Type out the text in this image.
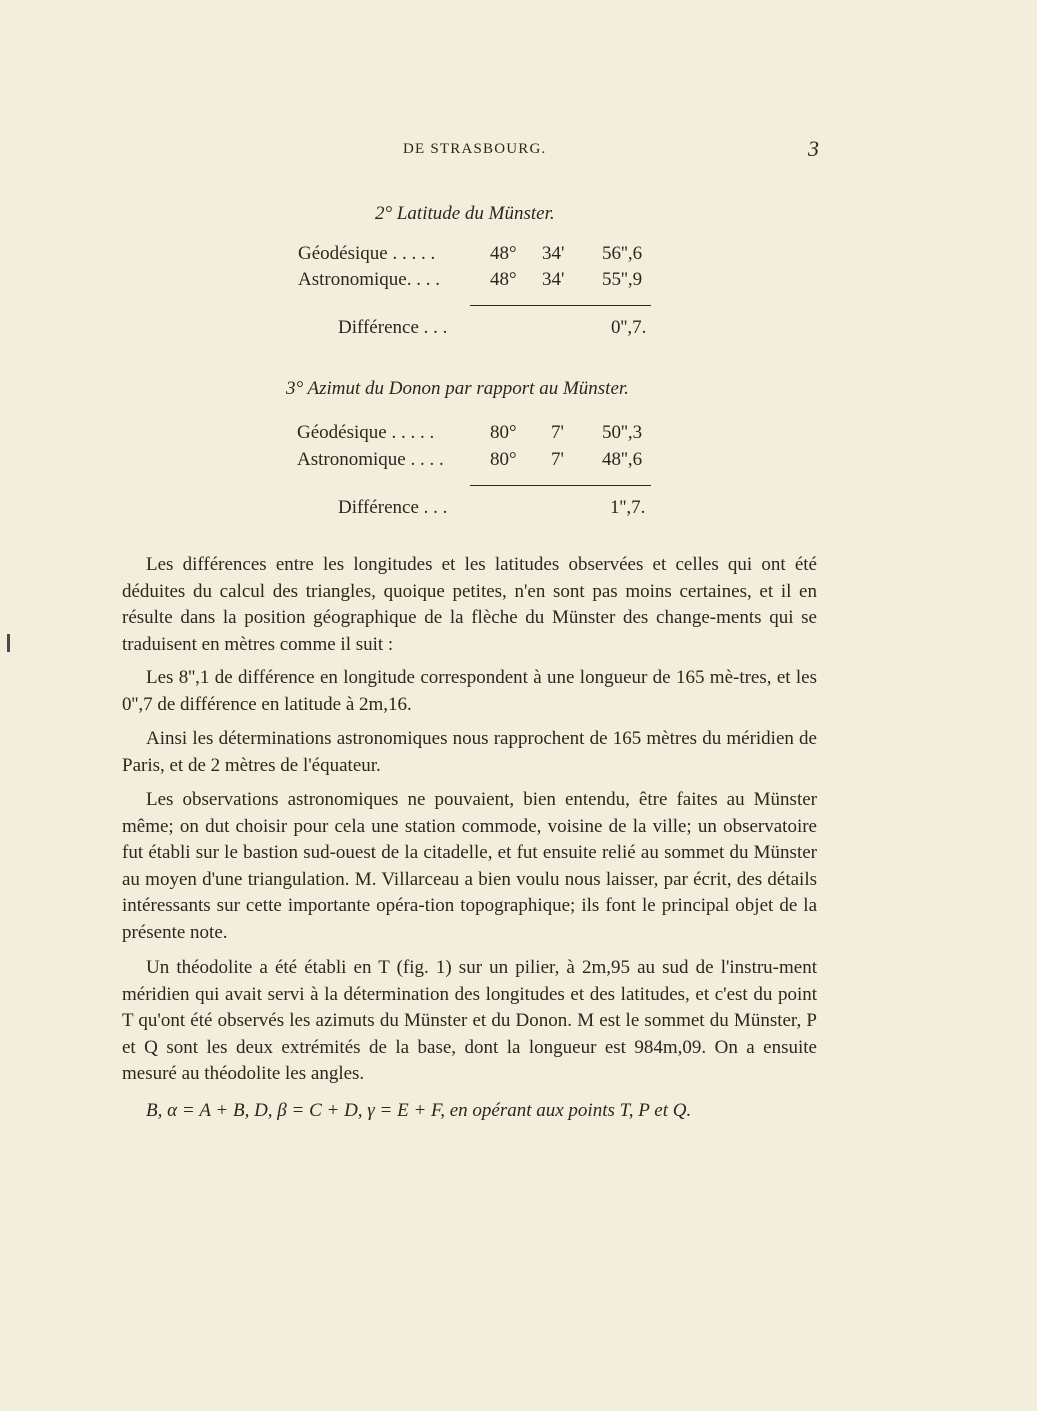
DE STRASBOURG.	3
2° Latitude du Münster.
Géodésique . . . . .	48° 34' 56'',6
Astronomique. . . .	48° 34' 55'',9
Différence . . .	0'',7.
3° Azimut du Donon par rapport au Münster.
Géodésique . . . . .	80° 7' 50'',3
Astronomique . . . . 80° 7' 48'',6
Différence . . .	1'',7.

Les différences entre les longitudes et les latitudes observées et celles qui ont été déduites du calcul des triangles, quoique petites, n'en sont pas moins certaines, et il en résulte dans la position géographique de la flèche du Münster des change-ments qui se traduisent en mètres comme il suit :

Les 8'',1 de différence en longitude correspondent à une longueur de 165 mè-tres, et les 0'',7 de différence en latitude à 2m,16.

Ainsi les déterminations astronomiques nous rapprochent de 165 mètres du méridien de Paris, et de 2 mètres de l'équateur.

Les observations astronomiques ne pouvaient, bien entendu, être faites au Münster même; on dut choisir pour cela une station commode, voisine de la ville; un observatoire fut établi sur le bastion sud-ouest de la citadelle, et fut ensuite relié au sommet du Münster au moyen d'une triangulation. M. Villarceau a bien voulu nous laisser, par écrit, des détails intéressants sur cette importante opéra-tion topographique; ils font le principal objet de la présente note.

Un théodolite a été établi en T (fig. 1) sur un pilier, à 2m,95 au sud de l'instru-ment méridien qui avait servi à la détermination des longitudes et des latitudes, et c'est du point T qu'ont été observés les azimuts du Münster et du Donon. M est le sommet du Münster, P et Q sont les deux extrémités de la base, dont la longueur est 984m,09. On a ensuite mesuré au théodolite les angles.

B, α = A + B, D, β = C + D, γ = E + F, en opérant aux points T, P et Q.
